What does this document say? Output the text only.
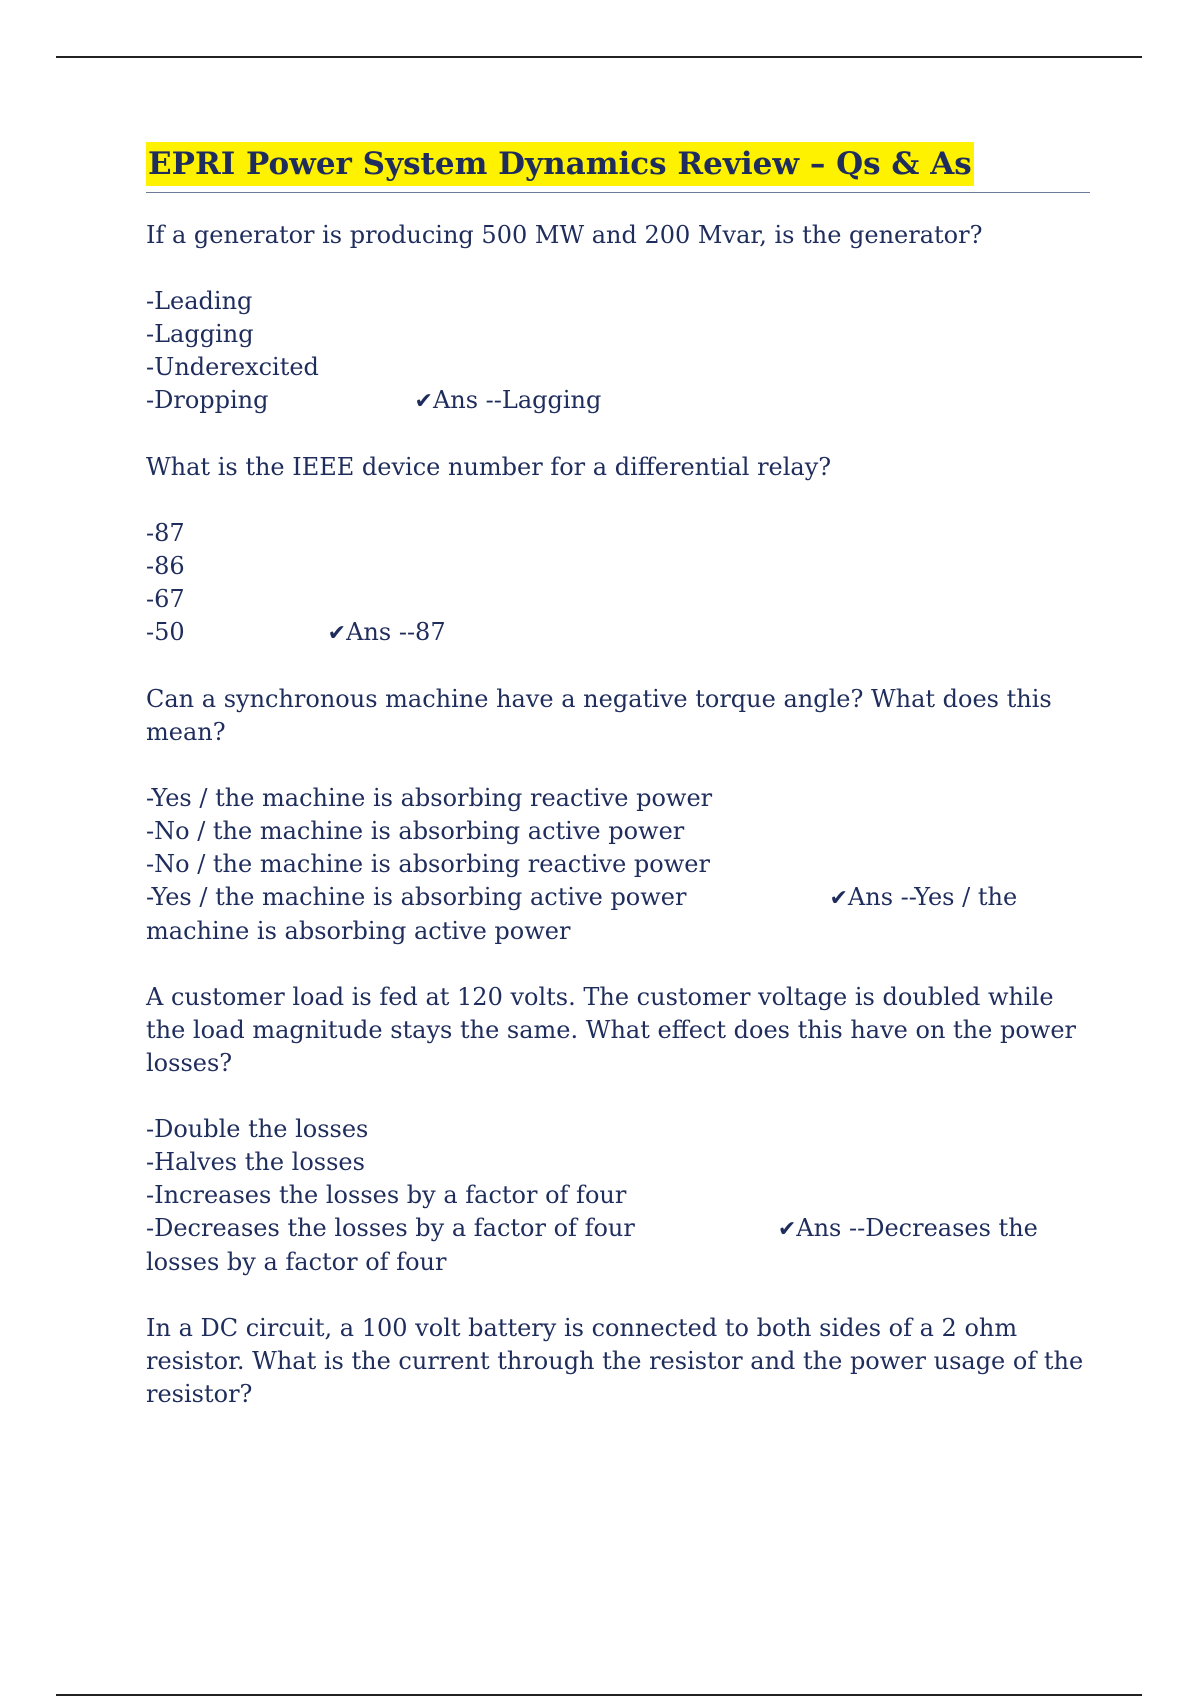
EPRI Power System Dynamics Review – Qs & As

If a generator is producing 500 MW and 200 Mvar, is the generator?

-Leading
-Lagging
-Underexcited
-Dropping	✔Ans --Lagging

What is the IEEE device number for a differential relay?

-87
-86
-67
-50	✔Ans --87

Can a synchronous machine have a negative torque angle? What does this mean?

-Yes / the machine is absorbing reactive power
-No / the machine is absorbing active power
-No / the machine is absorbing reactive power
-Yes / the machine is absorbing active power	✔Ans --Yes / the machine is absorbing active power

A customer load is fed at 120 volts. The customer voltage is doubled while the load magnitude stays the same. What effect does this have on the power losses?

-Double the losses
-Halves the losses
-Increases the losses by a factor of four
-Decreases the losses by a factor of four	✔Ans --Decreases the losses by a factor of four

In a DC circuit, a 100 volt battery is connected to both sides of a 2 ohm resistor. What is the current through the resistor and the power usage of the resistor?
